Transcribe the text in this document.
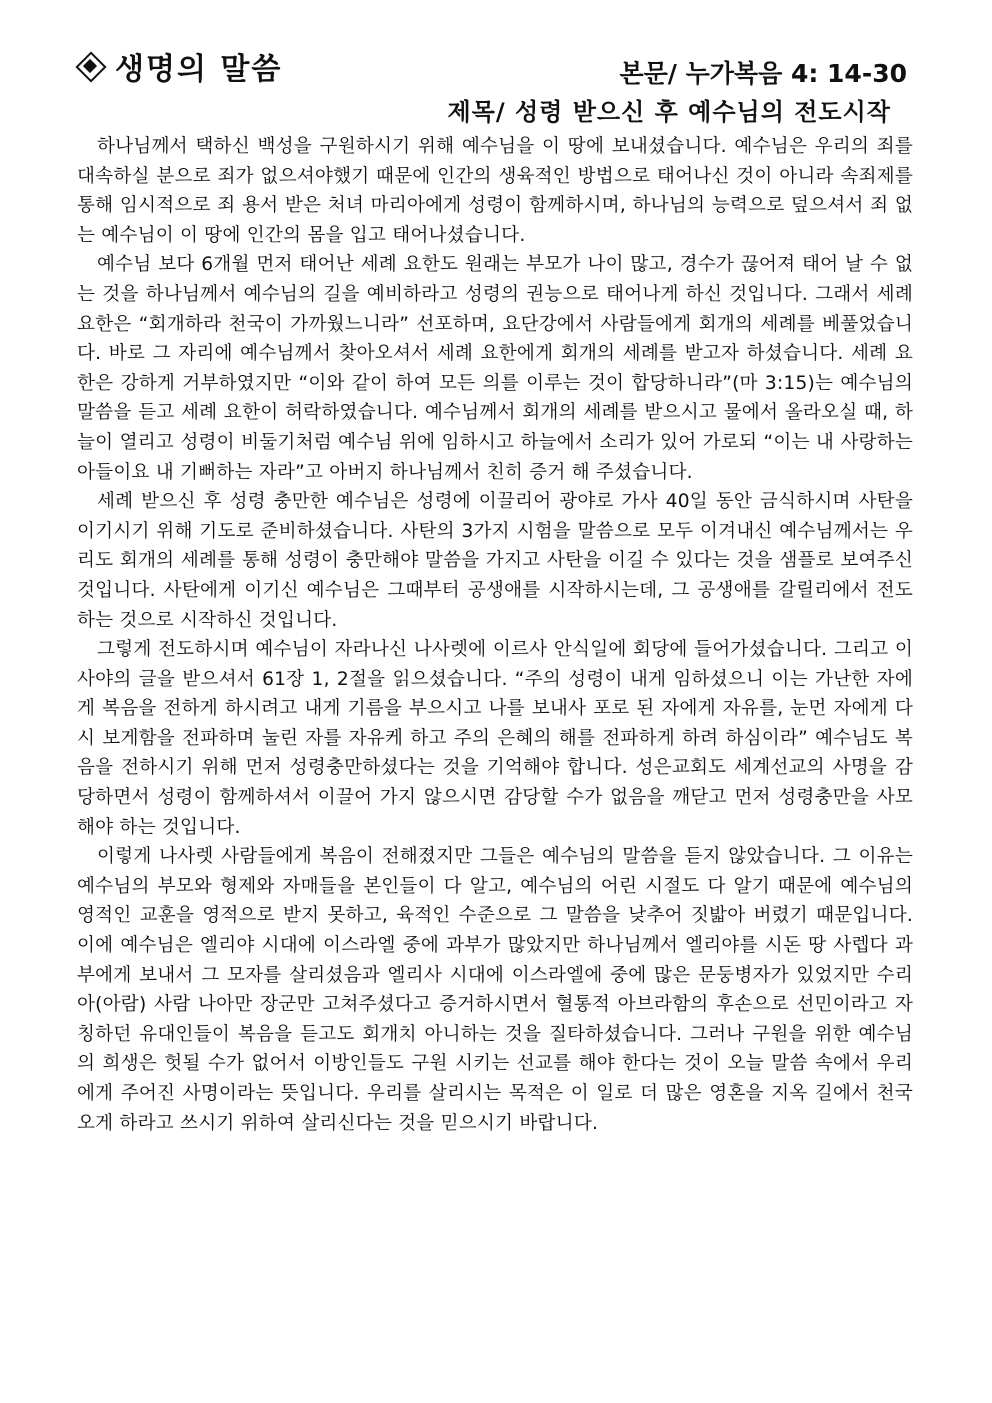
생명의 말씀	본문/ 누가복음 4: 14-30
제목/ 성령 받으신 후 예수님의 전도시작

하나님께서 택하신 백성을 구원하시기 위해 예수님을 이 땅에 보내셨습니다. 예수님은 우리의 죄를 대속하실 분으로 죄가 없으셔야했기 때문에 인간의 생육적인 방법으로 태어나신 것이 아니라 속죄제를 통해 임시적으로 죄 용서 받은 처녀 마리아에게 성령이 함께하시며, 하나님의 능력으로 덮으셔서 죄 없는 예수님이 이 땅에 인간의 몸을 입고 태어나셨습니다.

예수님 보다 6개월 먼저 태어난 세례 요한도 원래는 부모가 나이 많고, 경수가 끊어져 태어 날 수 없는 것을 하나님께서 예수님의 길을 예비하라고 성령의 권능으로 태어나게 하신 것입니다. 그래서 세례 요한은 “회개하라 천국이 가까웠느니라” 선포하며, 요단강에서 사람들에게 회개의 세례를 베풀었습니다. 바로 그 자리에 예수님께서 찾아오셔서 세례 요한에게 회개의 세례를 받고자 하셨습니다. 세례 요한은 강하게 거부하였지만 “이와 같이 하여 모든 의를 이루는 것이 합당하니라”(마 3:15)는 예수님의 말씀을 듣고 세례 요한이 허락하였습니다. 예수님께서 회개의 세례를 받으시고 물에서 올라오실 때, 하늘이 열리고 성령이 비둘기처럼 예수님 위에 임하시고 하늘에서 소리가 있어 가로되 “이는 내 사랑하는 아들이요 내 기뻐하는 자라”고 아버지 하나님께서 친히 증거 해 주셨습니다.

세례 받으신 후 성령 충만한 예수님은 성령에 이끌리어 광야로 가사 40일 동안 금식하시며 사탄을 이기시기 위해 기도로 준비하셨습니다. 사탄의 3가지 시험을 말씀으로 모두 이겨내신 예수님께서는 우리도 회개의 세례를 통해 성령이 충만해야 말씀을 가지고 사탄을 이길 수 있다는 것을 샘플로 보여주신 것입니다. 사탄에게 이기신 예수님은 그때부터 공생애를 시작하시는데, 그 공생애를 갈릴리에서 전도하는 것으로 시작하신 것입니다.

그렇게 전도하시며 예수님이 자라나신 나사렛에 이르사 안식일에 회당에 들어가셨습니다. 그리고 이사야의 글을 받으셔서 61장 1, 2절을 읽으셨습니다. “주의 성령이 내게 임하셨으니 이는 가난한 자에게 복음을 전하게 하시려고 내게 기름을 부으시고 나를 보내사 포로 된 자에게 자유를, 눈먼 자에게 다시 보게함을 전파하며 눌린 자를 자유케 하고 주의 은혜의 해를 전파하게 하려 하심이라” 예수님도 복음을 전하시기 위해 먼저 성령충만하셨다는 것을 기억해야 합니다. 성은교회도 세계선교의 사명을 감당하면서 성령이 함께하셔서 이끌어 가지 않으시면 감당할 수가 없음을 깨닫고 먼저 성령충만을 사모해야 하는 것입니다.

이렇게 나사렛 사람들에게 복음이 전해졌지만 그들은 예수님의 말씀을 듣지 않았습니다. 그 이유는 예수님의 부모와 형제와 자매들을 본인들이 다 알고, 예수님의 어린 시절도 다 알기 때문에 예수님의 영적인 교훈을 영적으로 받지 못하고, 육적인 수준으로 그 말씀을 낮추어 짓밟아 버렸기 때문입니다. 이에 예수님은 엘리야 시대에 이스라엘 중에 과부가 많았지만 하나님께서 엘리야를 시돈 땅 사렙다 과부에게 보내서 그 모자를 살리셨음과 엘리사 시대에 이스라엘에 중에 많은 문둥병자가 있었지만 수리아(아람) 사람 나아만 장군만 고쳐주셨다고 증거하시면서 혈통적 아브라함의 후손으로 선민이라고 자칭하던 유대인들이 복음을 듣고도 회개치 아니하는 것을 질타하셨습니다. 그러나 구원을 위한 예수님의 희생은 헛될 수가 없어서 이방인들도 구원 시키는 선교를 해야 한다는 것이 오늘 말씀 속에서 우리에게 주어진 사명이라는 뜻입니다. 우리를 살리시는 목적은 이 일로 더 많은 영혼을 지옥 길에서 천국 오게 하라고 쓰시기 위하여 살리신다는 것을 믿으시기 바랍니다.
